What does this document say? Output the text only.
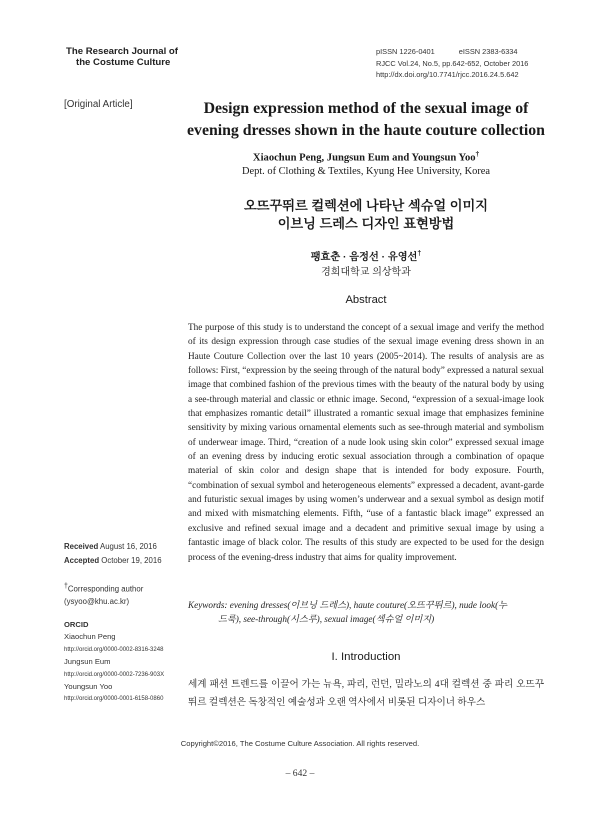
The Research Journal of
the Costume Culture
pISSN 1226-0401	eISSN 2383-6334
RJCC Vol.24, No.5, pp.642-652, October 2016
http://dx.doi.org/10.7741/rjcc.2016.24.5.642
[Original Article]	Design expression method of the sexual image of evening dresses shown in the haute couture collection
Xiaochun Peng, Jungsun Eum and Youngsun Yoo†
Dept. of Clothing & Textiles, Kyung Hee University, Korea
오뜨꾸뛰르 컬렉션에 나타난 섹슈얼 이미지
이브닝 드레스 디자인 표현방법
팽효춘 · 음정선 · 유영선†
경희대학교 의상학과
Abstract
The purpose of this study is to understand the concept of a sexual image and verify the method of its design expression through case studies of the sexual image evening dress shown in an Haute Couture Collection over the last 10 years (2005~2014). The results of analysis are as follows: First, “expression by the seeing through of the natural body” expressed a natural sexual image that combined fashion of the previous times with the beauty of the natural body by using a see-through material and classic or ethnic image. Second, “expression of a sexual-image look that emphasizes romantic detail” illustrated a romantic sexual image that emphasizes feminine sensitivity by mixing various ornamental elements such as see-through material and symbolism of underwear image. Third, “creation of a nude look using skin color” expressed sexual image of an evening dress by inducing erotic sexual association through a combination of opaque material of skin color and design shape that is intended for body exposure. Fourth, “combination of sexual symbol and heterogeneous elements” expressed a decadent, avant-garde and futuristic sexual images by using women’s underwear and a sexual symbol as design motif and mixed with mismatching elements. Fifth, “use of a fantastic black image” expressed an exclusive and refined sexual image and a decadent and primitive sexual image by using a fantastic image of black color. The results of this study are expected to be used for the design process of the evening-dress industry that aims for quality improvement.
Keywords: evening dresses(이브닝 드레스), haute couture(오뜨꾸뛰르), nude look(누
드룩), see-through(시스루), sexual image(섹슈얼 이미지)
Received August 16, 2016
Accepted October 19, 2016
†Corresponding author
(ysyoo@khu.ac.kr)
ORCID
Xiaochun Peng
http://orcid.org/0000-0002-8316-3248
Jungsun Eum
http://orcid.org/0000-0002-7236-903X
Youngsun Yoo
http://orcid.org/0000-0001-6158-0860
I. Introduction
세계 패션 트렌드를 이끌어 가는 뉴욕, 파리, 런던, 밀라노의 4대 컬렉션 중 파리 오뜨꾸뛰르 컬렉션은 독창적인 예술성과 오랜 역사에서 비롯된 디자이너 하우스
Copyright©2016, The Costume Culture Association. All rights reserved.
– 642 –
